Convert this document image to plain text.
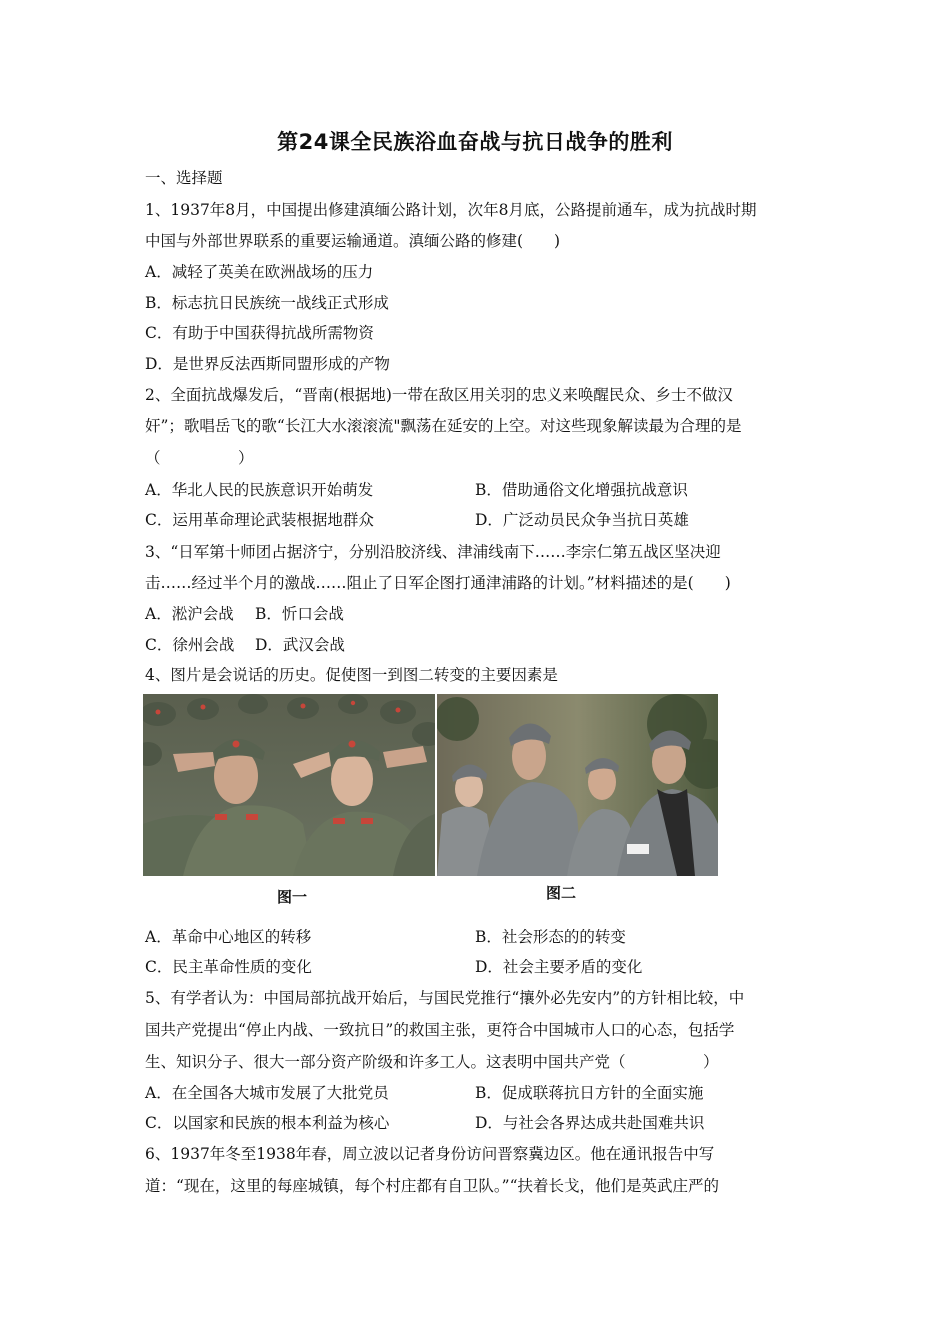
第24课全民族浴血奋战与抗日战争的胜利
一、选择题
1、1937年8月，中国提出修建滇缅公路计划，次年8月底，公路提前通车，成为抗战时期
中国与外部世界联系的重要运输通道。滇缅公路的修建(　　)
A．减轻了英美在欧洲战场的压力
B．标志抗日民族统一战线正式形成
C．有助于中国获得抗战所需物资
D．是世界反法西斯同盟形成的产物
2、全面抗战爆发后，“晋南(根据地)一带在敌区用关羽的忠义来唤醒民众、乡士不做汉
奸”；歌唱岳飞的歌“长江大水滚滚流"飘荡在延安的上空。对这些现象解读最为合理的是
（　　　　　）
A．华北人民的民族意识开始萌发	B．借助通俗文化增强抗战意识
C．运用革命理论武装根据地群众	D．广泛动员民众争当抗日英雄
3、“日军第十师团占据济宁，分别沿胶济线、津浦线南下……李宗仁第五战区坚决迎
击……经过半个月的激战……阻止了日军企图打通津浦路的计划。”材料描述的是(　　)
A．淞沪会战 B．忻口会战
C．徐州会战 D．武汉会战
4、图片是会说话的历史。促使图一到图二转变的主要因素是
图一	图二
A．革命中心地区的转移	B．社会形态的的转变
C．民主革命性质的变化	D．社会主要矛盾的变化
5、有学者认为：中国局部抗战开始后，与国民党推行“攘外必先安内”的方针相比较，中
国共产党提出“停止内战、一致抗日”的救国主张，更符合中国城市人口的心态，包括学
生、知识分子、很大一部分资产阶级和许多工人。这表明中国共产党（　　　　　）
A．在全国各大城市发展了大批党员	B．促成联蒋抗日方针的全面实施
C．以国家和民族的根本利益为核心	D．与社会各界达成共赴国难共识
6、1937年冬至1938年春，周立波以记者身份访问晋察冀边区。他在通讯报告中写
道：“现在，这里的每座城镇，每个村庄都有自卫队。”“扶着长戈，他们是英武庄严的
